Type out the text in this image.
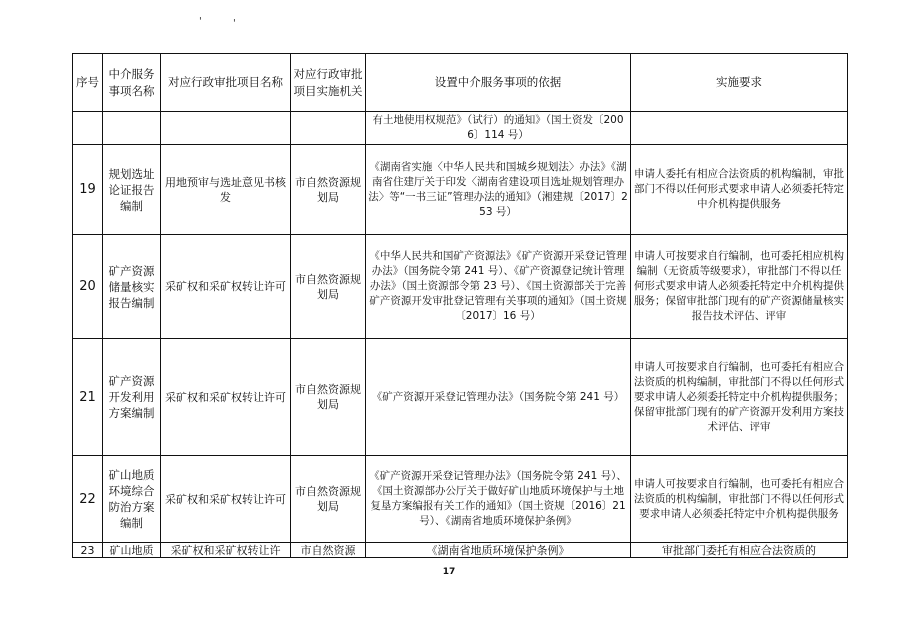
'	'
序号	中介服务事项名称	对应行政审批项目名称	对应行政审批项目实施机关	设置中介服务事项的依据	实施要求
				有土地使用权规范》（试行）的通知》（国土资发〔2006〕114 号）	
19	规划选址论证报告编制	用地预审与选址意见书核发	市自然资源规划局	《湖南省实施〈中华人民共和国城乡规划法〉办法》《湖南省住建厅关于印发〈湖南省建设项目选址规划管理办法〉等“一书三证”管理办法的通知》（湘建规〔2017〕253 号）	申请人委托有相应合法资质的机构编制，审批部门不得以任何形式要求申请人必须委托特定中介机构提供服务
20	矿产资源储量核实报告编制	采矿权和采矿权转让许可	市自然资源规划局	《中华人民共和国矿产资源法》《矿产资源开采登记管理办法》（国务院令第 241 号）、《矿产资源登记统计管理办法》（国土资源部令第 23 号）、《国土资源部关于完善矿产资源开发审批登记管理有关事项的通知》（国土资规〔2017〕16 号）	申请人可按要求自行编制，也可委托相应机构编制（无资质等级要求），审批部门不得以任何形式要求申请人必须委托特定中介机构提供服务；保留审批部门现有的矿产资源储量核实报告技术评估、评审
21	矿产资源开发利用方案编制	采矿权和采矿权转让许可	市自然资源规划局	《矿产资源开采登记管理办法》（国务院令第 241 号）	申请人可按要求自行编制，也可委托有相应合法资质的机构编制，审批部门不得以任何形式要求申请人必须委托特定中介机构提供服务；保留审批部门现有的矿产资源开发利用方案技术评估、评审
22	矿山地质环境综合防治方案编制	采矿权和采矿权转让许可	市自然资源规划局	《矿产资源开采登记管理办法》（国务院令第 241 号）、《国土资源部办公厅关于做好矿山地质环境保护与土地复垦方案编报有关工作的通知》（国土资规〔2016〕21 号）、《湖南省地质环境保护条例》	申请人可按要求自行编制，也可委托有相应合法资质的机构编制，审批部门不得以任何形式要求申请人必须委托特定中介机构提供服务
23	矿山地质	采矿权和采矿权转让许	市自然资源	《湖南省地质环境保护条例》	审批部门委托有相应合法资质的
17
